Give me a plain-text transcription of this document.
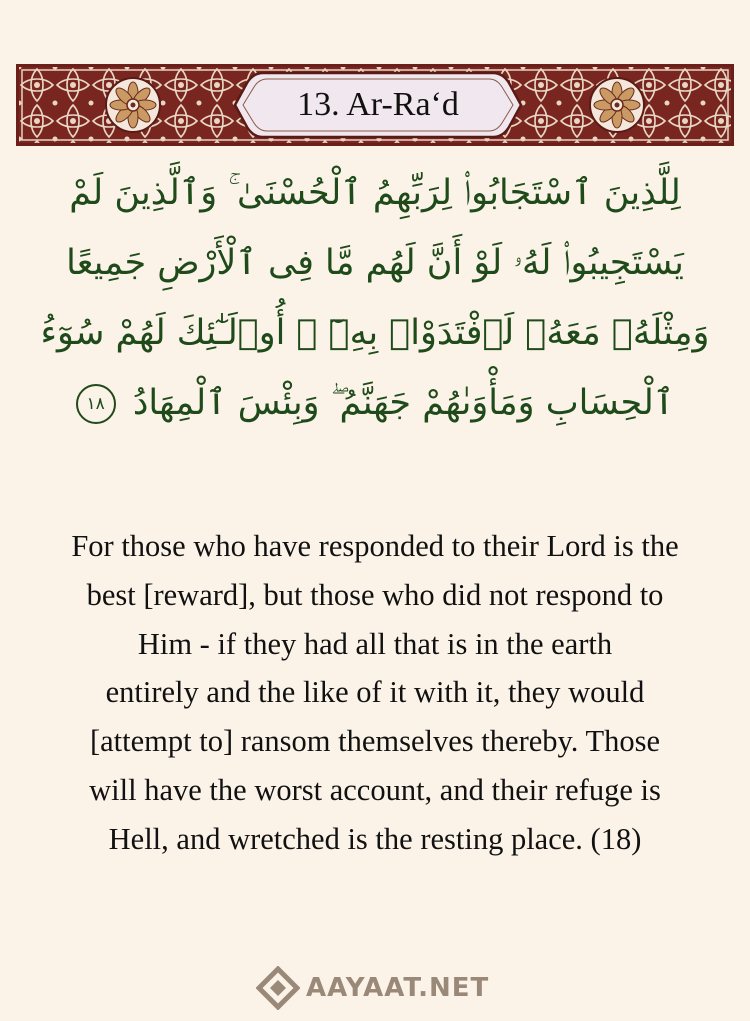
13. Ar-Ra‘d
لِلَّذِينَ ٱسْتَجَابُوا۟ لِرَبِّهِمُ ٱلْحُسْنَىٰ ۚ وَٱلَّذِينَ لَمْ
يَسْتَجِيبُوا۟ لَهُۥ لَوْ أَنَّ لَهُم مَّا فِى ٱلْأَرْضِ جَمِيعًا
وَمِثْلَهُۥ مَعَهُۥ لَٱفْتَدَوْا۟ بِهِۦٓ ۚ أُو۟لَـٰٓئِكَ لَهُمْ سُوٓءُ
ٱلْحِسَابِ وَمَأْوَىٰهُمْ جَهَنَّمُ ۖ وَبِئْسَ ٱلْمِهَادُ ١٨
For those who have responded to their Lord is the
best [reward], but those who did not respond to
Him - if they had all that is in the earth
entirely and the like of it with it, they would
[attempt to] ransom themselves thereby. Those
will have the worst account, and their refuge is
Hell, and wretched is the resting place. (18)
AAYAAT.NET
